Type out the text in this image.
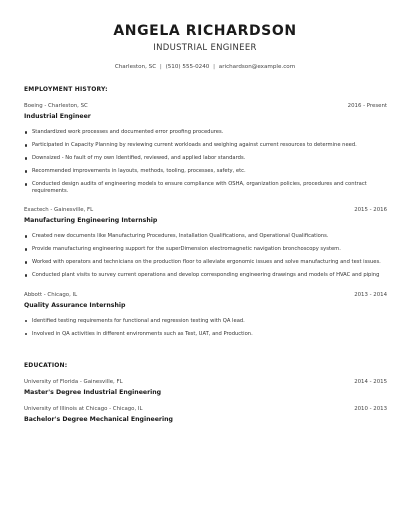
ANGELA RICHARDSON
INDUSTRIAL ENGINEER
Charleston, SC | (510) 555-0240 | arichardson@example.com
EMPLOYMENT HISTORY:
Boeing - Charleston, SC	2016 - Present
Industrial Engineer
Standardized work processes and documented error proofing procedures.
Participated in Capacity Planning by reviewing current workloads and weighing against current resources to determine need.
Downsized - No fault of my own Identified, reviewed, and applied labor standards.
Recommended improvements in layouts, methods, tooling, processes, safety, etc.
Conducted design audits of engineering models to ensure compliance with OSHA, organization policies, procedures and contract requirements.
Exactech - Gainesville, FL	2015 - 2016
Manufacturing Engineering Internship
Created new documents like Manufacturing Procedures, Installation Qualifications, and Operational Qualifications.
Provide manufacturing engineering support for the superDimension electromagnetic navigation bronchoscopy system.
Worked with operators and technicians on the production floor to alleviate ergonomic issues and solve manufacturing and test issues.
Conducted plant visits to survey current operations and develop corresponding engineering drawings and models of HVAC and piping
Abbott - Chicago, IL	2013 - 2014
Quality Assurance Internship
Identified testing requirements for functional and regression testing with QA lead.
Involved in QA activities in different environments such as Test, UAT, and Production.
EDUCATION:
University of Florida - Gainesville, FL	2014 - 2015
Master's Degree Industrial Engineering
University of Illinois at Chicago - Chicago, IL	2010 - 2013
Bachelor's Degree Mechanical Engineering
